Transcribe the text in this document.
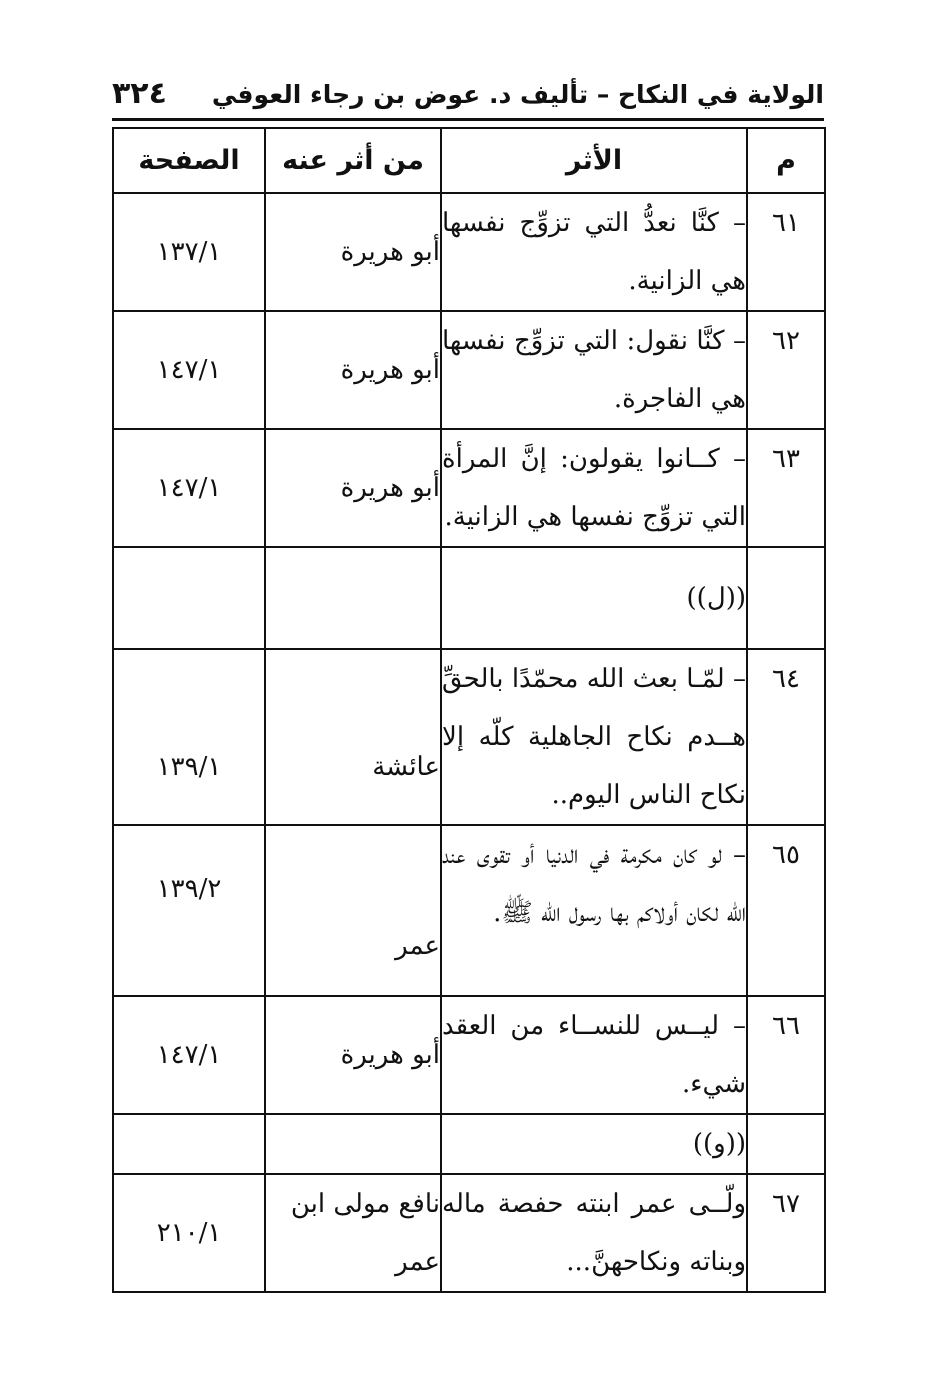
الولاية في النكاح – تأليف د. عوض بن رجاء العوفي
٣٢٤
م	الأثر	من أثر عنه	الصفحة
٦١	– كنَّا نعدُّ التي تزوِّج نفسها هي الزانية.	أبو هريرة	١٣٧/١
٦٢	– كنَّا نقول: التي تزوِّج نفسها هي الفاجرة.	أبو هريرة	١٤٧/١
٦٣	– كــانوا يقولون: إنَّ المرأة التي تزوِّج نفسها هي الزانية.	أبو هريرة	١٤٧/١
	((ل))		
٦٤	– لمّـا بعث الله محمّدًا بالحقِّ هــدم نكاح الجاهلية كلّه إلا نكاح الناس اليوم..	عائشة	١٣٩/١
٦٥	– لو كان مكرمة في الدنيا أو تقوى عند الله لكان أولاكم بها رسول الله ﷺ.	عمر	١٣٩/٢
٦٦	– ليــس للنســاء من العقد شيء.	أبو هريرة	١٤٧/١
	((و))		
٦٧	ولّــى عمر ابنته حفصة ماله وبناته ونكاحهنَّ...	نافع مولى ابن عمر	٢١٠/١
